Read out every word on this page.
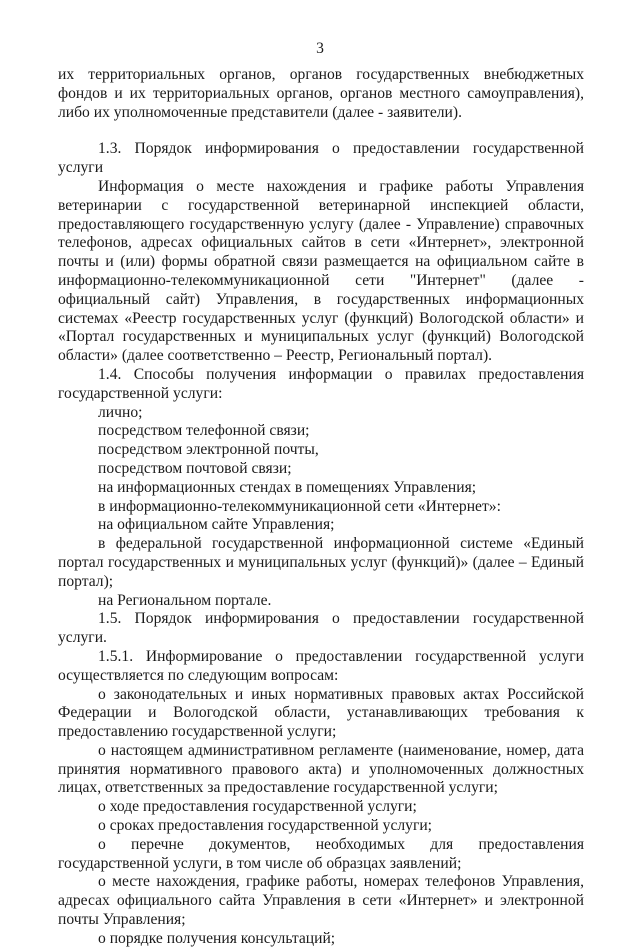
3

их территориальных органов, органов государственных внебюджетных фондов и их территориальных органов, органов местного самоуправления), либо их уполномоченные представители (далее - заявители).

1.3. Порядок информирования о предоставлении государственной услуги

Информация о месте нахождения и графике работы Управления ветеринарии с государственной ветеринарной инспекцией области, предоставляющего государственную услугу (далее - Управление) справочных телефонов, адресах официальных сайтов в сети «Интернет», электронной почты и (или) формы обратной связи размещается на официальном сайте в информационно-телекоммуникационной сети "Интернет" (далее - официальный сайт) Управления, в государственных информационных системах «Реестр государственных услуг (функций) Вологодской области» и «Портал государственных и муниципальных услуг (функций) Вологодской области» (далее соответственно – Реестр, Региональный портал).

1.4. Способы получения информации о правилах предоставления государственной услуги:

лично;

посредством телефонной связи;

посредством электронной почты,

посредством почтовой связи;

на информационных стендах в помещениях Управления;

в информационно-телекоммуникационной сети «Интернет»:

на официальном сайте Управления;

в федеральной государственной информационной системе «Единый портал государственных и муниципальных услуг (функций)» (далее – Единый портал);

на Региональном портале.

1.5. Порядок информирования о предоставлении государственной услуги.

1.5.1. Информирование о предоставлении государственной услуги осуществляется по следующим вопросам:

о законодательных и иных нормативных правовых актах Российской Федерации и Вологодской области, устанавливающих требования к предоставлению государственной услуги;

о настоящем административном регламенте (наименование, номер, дата принятия нормативного правового акта) и уполномоченных должностных лицах, ответственных за предоставление государственной услуги;

о ходе предоставления государственной услуги;

о сроках предоставления государственной услуги;

о перечне документов, необходимых для предоставления государственной услуги, в том числе об образцах заявлений;

о месте нахождения, графике работы, номерах телефонов Управления, адресах официального сайта Управления в сети «Интернет» и электронной почты Управления;

о порядке получения консультаций;
